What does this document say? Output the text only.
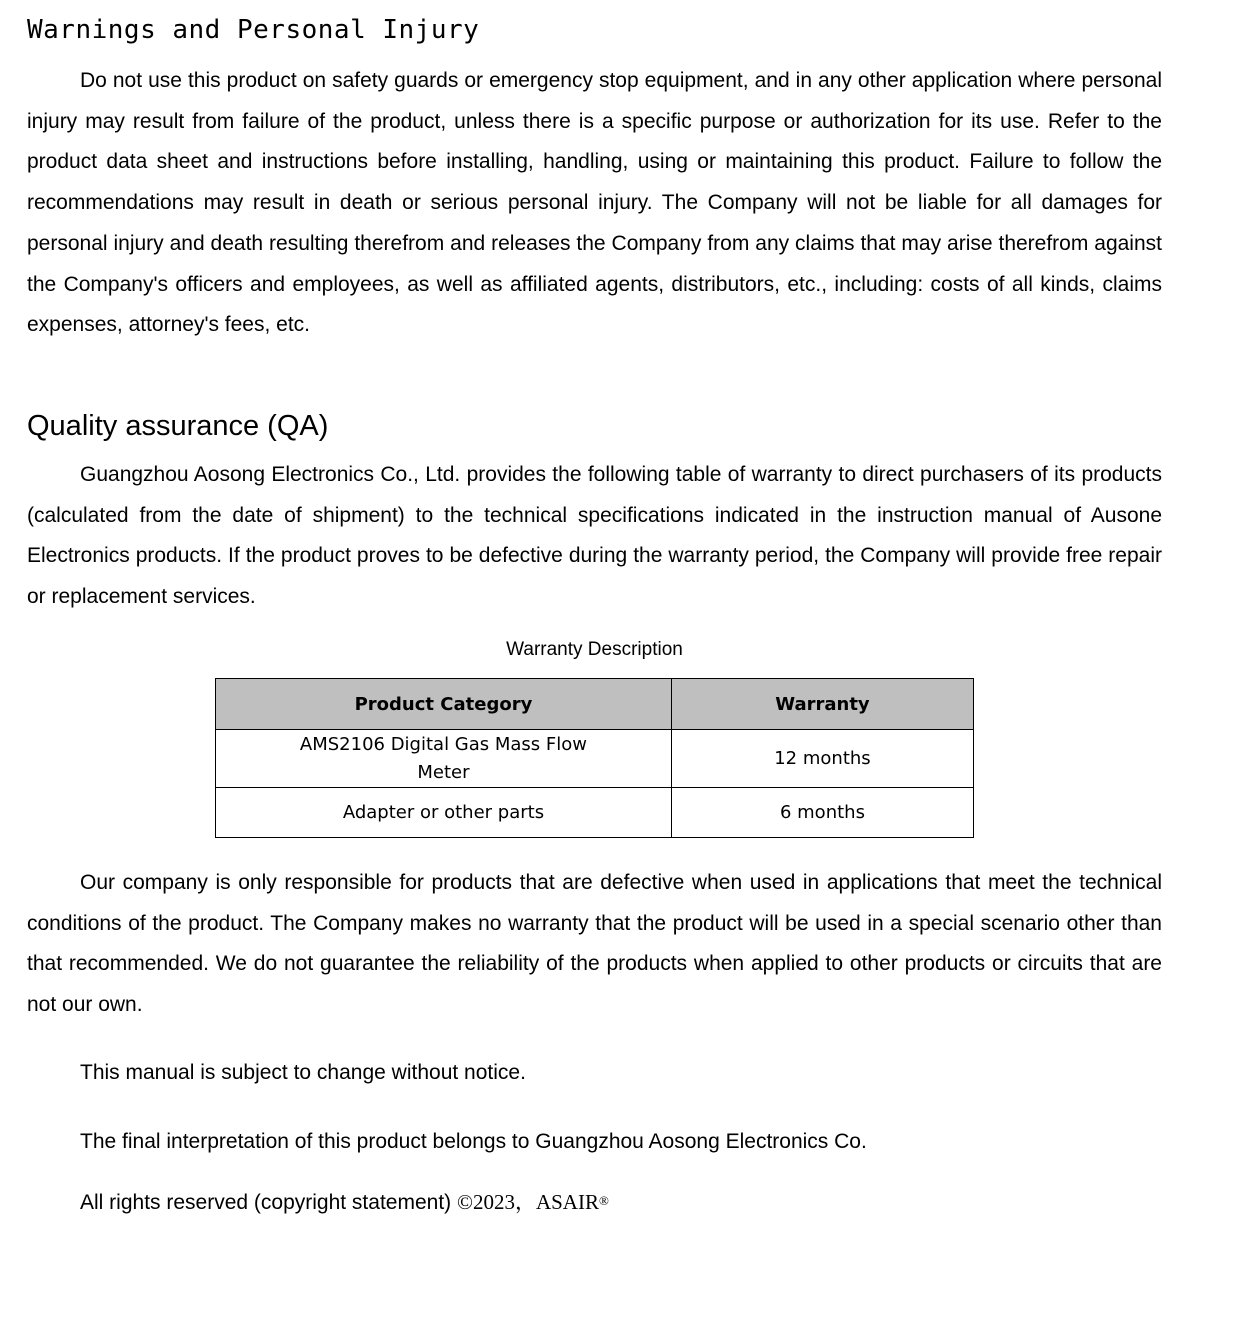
Warnings and Personal Injury

Do not use this product on safety guards or emergency stop equipment, and in any other application where personal injury may result from failure of the product, unless there is a specific purpose or authorization for its use. Refer to the product data sheet and instructions before installing, handling, using or maintaining this product. Failure to follow the recommendations may result in death or serious personal injury. The Company will not be liable for all damages for personal injury and death resulting therefrom and releases the Company from any claims that may arise therefrom against the Company's officers and employees, as well as affiliated agents, distributors, etc., including: costs of all kinds, claims expenses, attorney's fees, etc.

Quality assurance (QA)

Guangzhou Aosong Electronics Co., Ltd. provides the following table of warranty to direct purchasers of its products (calculated from the date of shipment) to the technical specifications indicated in the instruction manual of Ausone Electronics products. If the product proves to be defective during the warranty period, the Company will provide free repair or replacement services.

Warranty Description

Product Category	Warranty
AMS2106 Digital Gas Mass Flow Meter	12 months
Adapter or other parts	6 months

Our company is only responsible for products that are defective when used in applications that meet the technical conditions of the product. The Company makes no warranty that the product will be used in a special scenario other than that recommended. We do not guarantee the reliability of the products when applied to other products or circuits that are not our own.

This manual is subject to change without notice.

The final interpretation of this product belongs to Guangzhou Aosong Electronics Co.

All rights reserved (copyright statement) ©2023，ASAIR®
